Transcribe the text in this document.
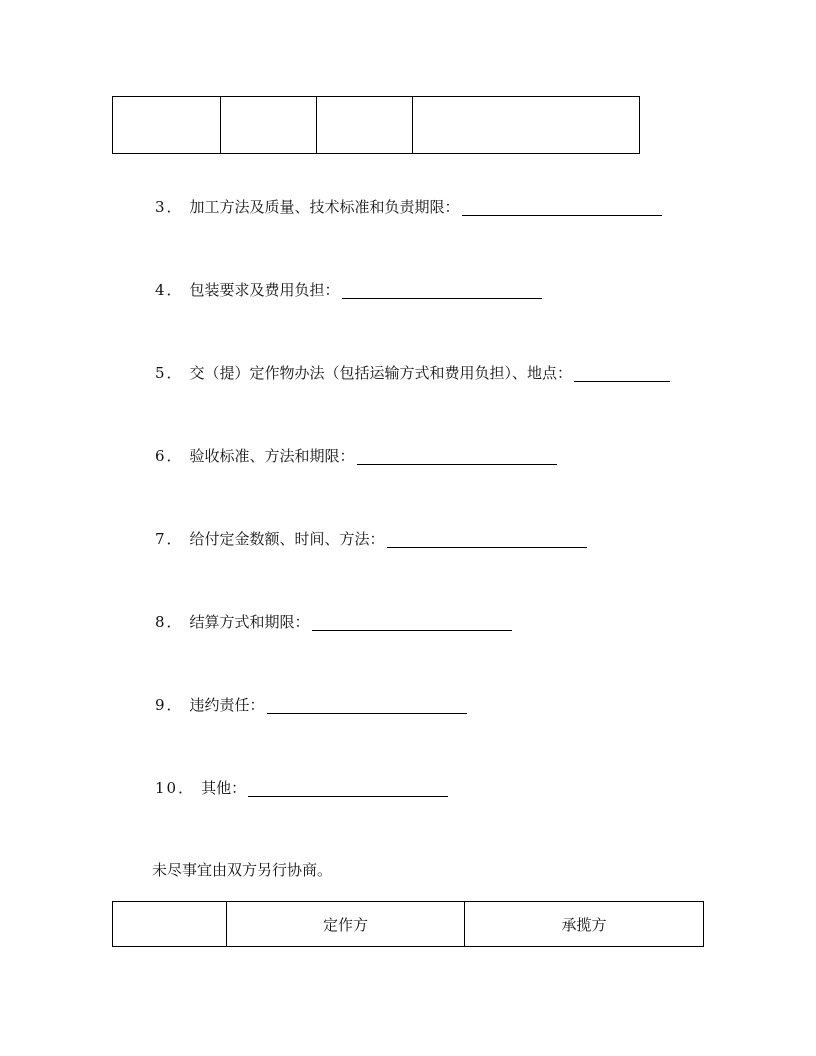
3． 加工方法及质量、技术标准和负责期限：
4． 包装要求及费用负担：
5． 交（提）定作物办法（包括运输方式和费用负担）、地点：
6． 验收标准、方法和期限：
7． 给付定金数额、时间、方法：
8． 结算方式和期限：
9． 违约责任：
10． 其他：
未尽事宜由双方另行协商。
定作方	承揽方
